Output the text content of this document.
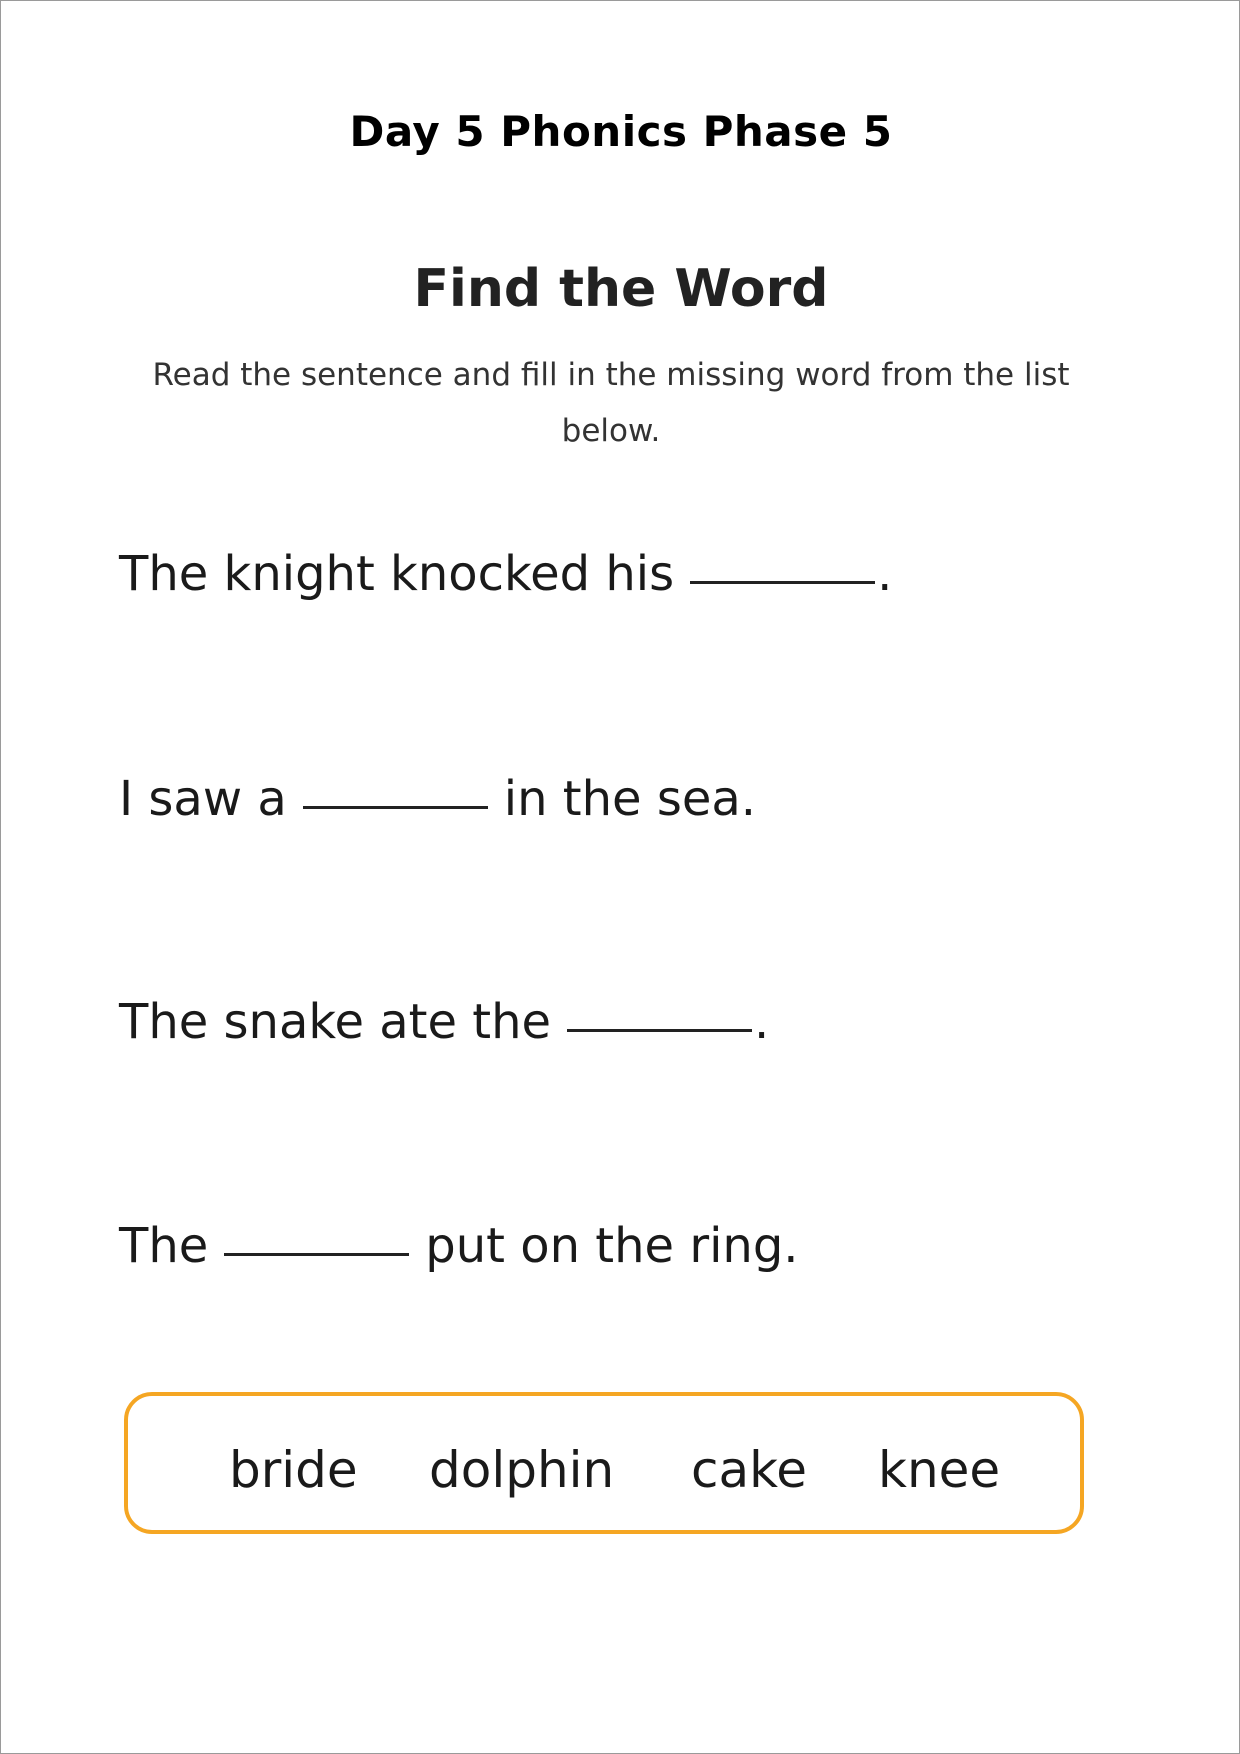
Day 5 Phonics Phase 5
Find the Word
Read the sentence and fill in the missing word from the list below.
The knight knocked his	.
I saw a	in the sea.
The snake ate the	.
The	put on the ring.
bride dolphin cake knee
